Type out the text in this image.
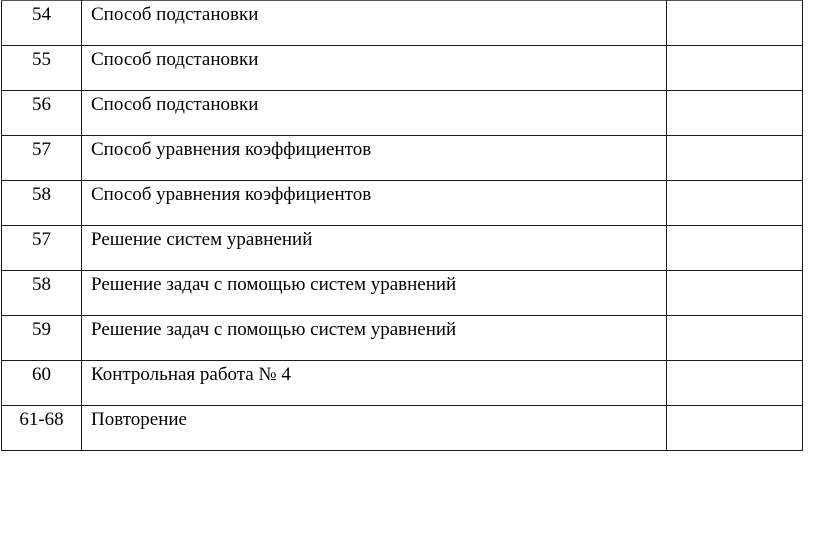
54	Способ подстановки	
55	Способ подстановки	
56	Способ подстановки	
57	Способ уравнения коэффициентов	
58	Способ уравнения коэффициентов	
57	Решение систем уравнений	
58	Решение задач с помощью систем уравнений	
59	Решение задач с помощью систем уравнений	
60	Контрольная работа № 4	
61-68	Повторение	
